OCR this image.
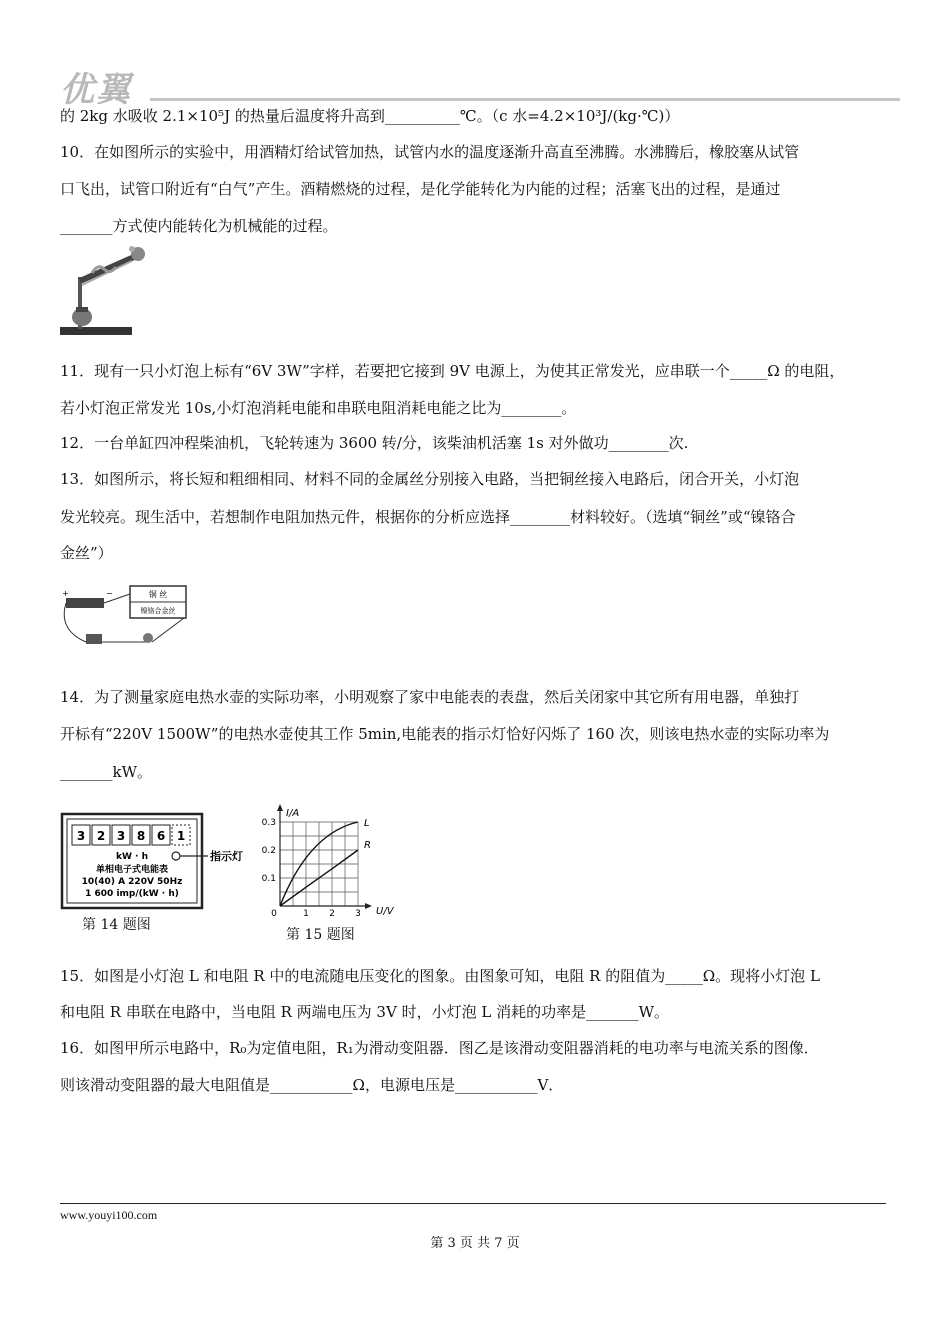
优翼
的 2kg 水吸收 2.1×10⁵J 的热量后温度将升高到__________℃。（c 水=4.2×10³J/(kg·℃)）
10．在如图所示的实验中，用酒精灯给试管加热，试管内水的温度逐渐升高直至沸腾。水沸腾后，橡胶塞从试管
口飞出，试管口附近有“白气”产生。酒精燃烧的过程，是化学能转化为内能的过程；活塞飞出的过程，是通过
_______方式使内能转化为机械能的过程。
11．现有一只小灯泡上标有“6V 3W”字样，若要把它接到 9V 电源上，为使其正常发光，应串联一个_____Ω 的电阻，
若小灯泡正常发光 10s,小灯泡消耗电能和串联电阻消耗电能之比为________。
12．一台单缸四冲程柴油机，飞轮转速为 3600 转/分，该柴油机活塞 1s 对外做功________次.
13．如图所示，将长短和粗细相同、材料不同的金属丝分别接入电路，当把铜丝接入电路后，闭合开关，小灯泡
发光较亮。现生活中，若想制作电阻加热元件，根据你的分析应选择________材料较好。（选填“铜丝”或“镍铬合
金丝”）
铜 丝
镍铬合金丝
+	−
14．为了测量家庭电热水壶的实际功率，小明观察了家中电能表的表盘，然后关闭家中其它所有用电器，单独打
开标有“220V 1500W”的电热水壶使其工作 5min,电能表的指示灯恰好闪烁了 160 次，则该电热水壶的实际功率为
_______kW。
3 2 3 8 6 1
kW · h	指示灯
单相电子式电能表
10(40) A 220V 50Hz
1 600 imp/(kW · h)
第 14 题图
I/A
U/V
0
0.1
0.2
0.3
1 2 3
L
R
第 15 题图
15．如图是小灯泡 L 和电阻 R 中的电流随电压变化的图象。由图象可知，电阻 R 的阻值为_____Ω。现将小灯泡 L
和电阻 R 串联在电路中，当电阻 R 两端电压为 3V 时，小灯泡 L 消耗的功率是_______W。
16．如图甲所示电路中，R₀为定值电阻，R₁为滑动变阻器．图乙是该滑动变阻器消耗的电功率与电流关系的图像．
则该滑动变阻器的最大电阻值是___________Ω，电源电压是___________V．
www.youyi100.com
第 3 页 共 7 页
